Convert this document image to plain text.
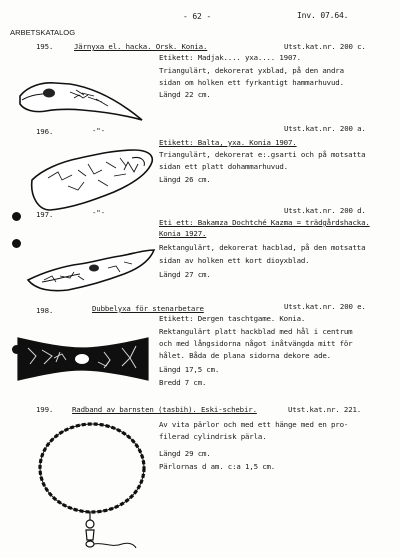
- 62 -	Inv. 07.64.
ARBETSKATALOG
195.	Järnyxa el. hacka. Orsk. Konia.	Utst.kat.nr. 200 c.
Etikett: Madjak.... yxa.... 1907.
Triangulärt, dekorerat yxblad, på den andra
sidan om holken ett fyrkantigt hammarhuvud.
Längd 22 cm.
196.	-"-	Utst.kat.nr. 200 a.
Etikett: Balta, yxa. Konia 1907.
Triangulärt, dekorerat e:.gsarti och på motsatta
sidan ett platt dohammarhuvud.
Längd 26 cm.
197.	-"-	Utst.kat.nr. 200 d.
Eti ett: Bakamza Dochtché Kazma = trädgårdshacka.
Konia 1927.
Rektangulärt, dekorerat hacblad, på den motsatta
sidan av holken ett kort dioyxblad.
Längd 27 cm.
198.	Dubbelyxa för stenarbetare	Utst.kat.nr. 200 e.
Etikett: Dergen taschtgame. Konia.
Rektangulärt platt hackblad med hål i centrum
och med långsidorna något inåtvängda mitt för
hålet. Båda de plana sidorna dekore ade.
Längd 17,5 cm.
Bredd 7 cm.
199.	Radband av barnsten (tasbih). Eski-schebir.	Utst.kat.nr. 221.
Av vita pärlor och med ett hänge med en pro-
filerad cylindrisk pärla.
Längd 29 cm.
Pärlornas d am. c:a 1,5 cm.
